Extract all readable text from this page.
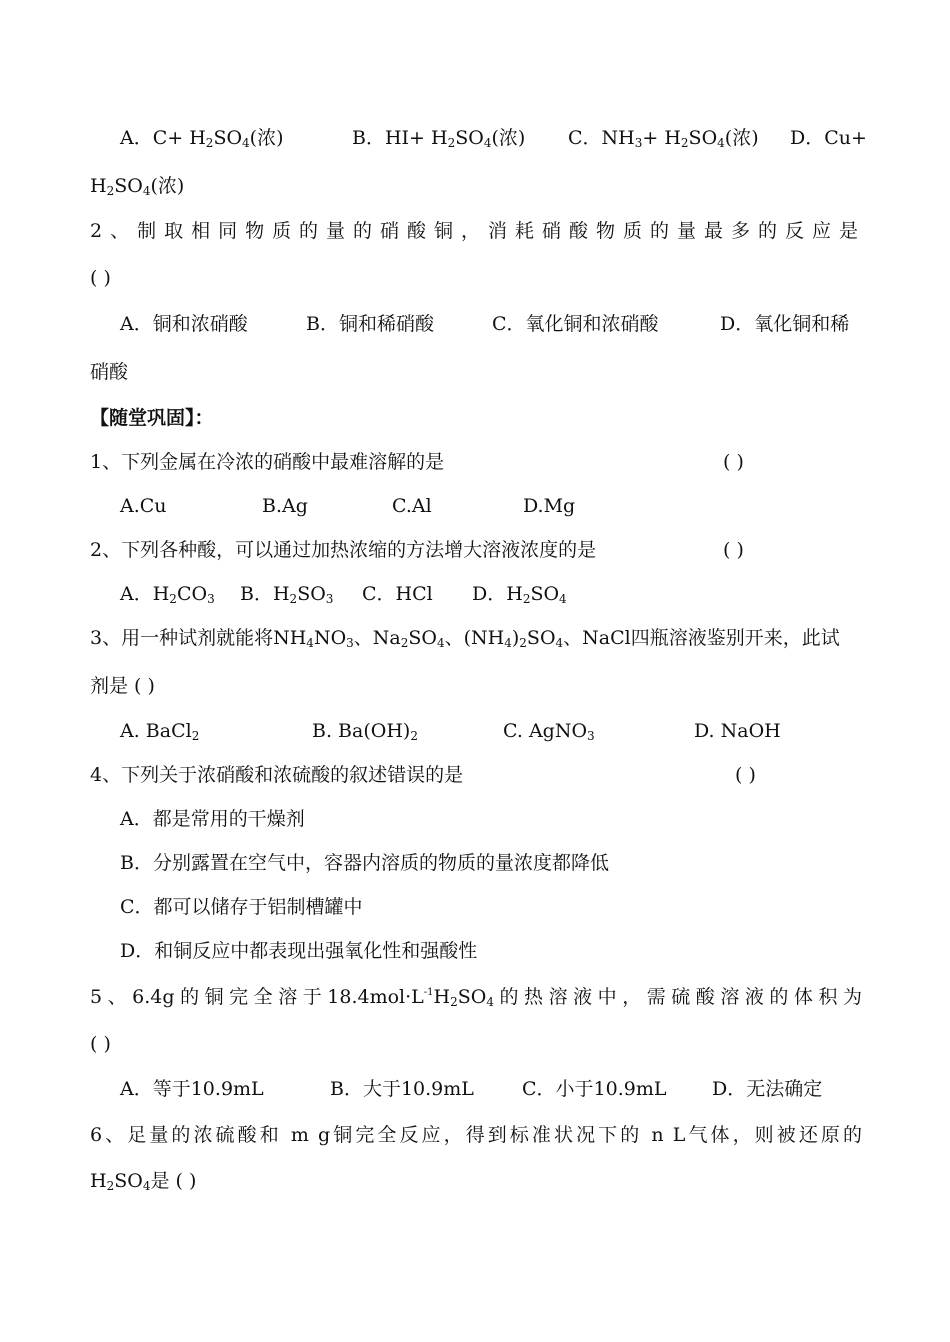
A．$C+ H_2SO_4$(浓)	B．$HI+ H_2SO_4$(浓) C．$NH_3+ H_2SO_4$(浓) D．Cu+
$H_2SO_4$(浓)
2、制取相同物质的量的硝酸铜，消耗硝酸物质的量最多的反应是
( )
A．铜和浓硝酸	B．铜和稀硝酸	C．氧化铜和浓硝酸	D．氧化铜和稀
硝酸
【随堂巩固】：
1、下列金属在冷浓的硝酸中最难溶解的是	( )
A.Cu	B.Ag	C.Al	D.Mg
2、下列各种酸，可以通过加热浓缩的方法增大溶液浓度的是	( )
A．$H_2CO_3$ B．$H_2SO_3$ C．HCl D．$H_2SO_4$
3、用一种试剂就能将$NH_4NO_3$、$Na_2SO_4$、$(NH_4)_2SO_4$、NaCl四瓶溶液鉴别开来，此试
剂是 ( )
A. BaCl$_2$	B. $Ba(OH)_2$	C. AgNO$_3$	D. NaOH
4、下列关于浓硝酸和浓硫酸的叙述错误的是	( )
A．都是常用的干燥剂
B．分别露置在空气中，容器内溶质的物质的量浓度都降低
C．都可以储存于铝制槽罐中
D．和铜反应中都表现出强氧化性和强酸性
5、6.4g的铜完全溶于$18.4mol\cdot L^{-1}H_2SO_4$的热溶液中，需硫酸溶液的体积为
( )
A．等于10.9mL	B．大于10.9mL	C．小于10.9mL D．无法确定
6、足量的浓硫酸和 m g铜完全反应，得到标准状况下的 n L气体，则被还原的
$H_2SO_4$是 ( )
